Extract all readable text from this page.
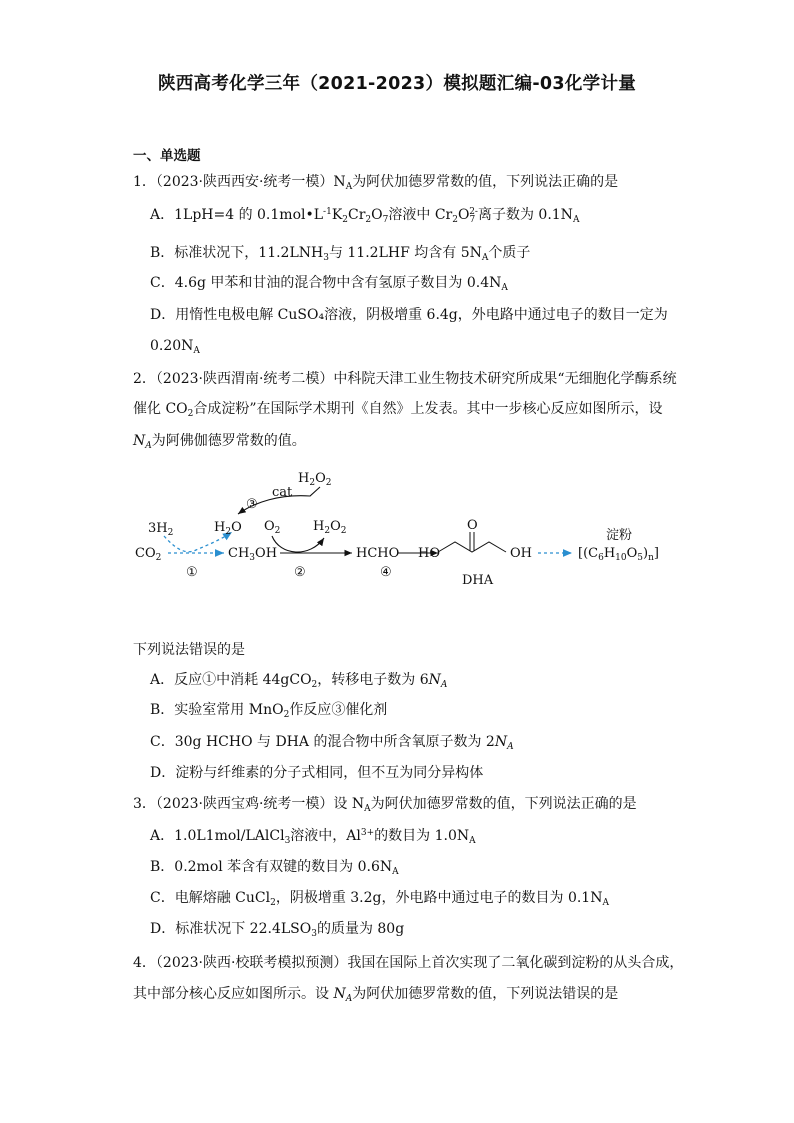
陕西高考化学三年（2021-2023）模拟题汇编-03化学计量
一、单选题
1．（2023·陕西西安·统考一模）$N_A$为阿伏加德罗常数的值，下列说法正确的是
A．1LpH=4 的 $0.1mol•L^{-1}K_2Cr_2O_7$溶液中 $Cr_2O_7^{2-}$离子数为 $0.1N_A$
B．标准状况下，$11.2LNH_3$与 11.2LHF 均含有 $5N_A$个质子
C．4.6g 甲苯和甘油的混合物中含有氢原子数目为 $0.4N_A$
D．用惰性电极电解 CuSO₄溶液，阴极增重 6.4g，外电路中通过电子的数目一定为
$0.20N_A$
2．（2023·陕西渭南·统考二模）中科院天津工业生物技术研究所成果“无细胞化学酶系统
催化 $CO_2$合成淀粉”在国际学术期刊《自然》上发表。其中一步核心反应如图所示，设
$N_A$为阿佛伽德罗常数的值。
$H_2O_2$
cat
③
$3H_2$	$H_2O$ $O_2$	$H_2O_2$
$CO_2$
①
$CH_3OH$
②
HCHO
④
HO
O
OH
DHA
淀粉
$[(C_6H_{10}O_5)_n]$
下列说法错误的是
A．反应①中消耗 44gCO$_2$，转移电子数为 $6N_A$
B．实验室常用 MnO$_2$作反应③催化剂
C．30g HCHO 与 DHA 的混合物中所含氧原子数为 $2N_A$
D．淀粉与纤维素的分子式相同，但不互为同分异构体
3．（2023·陕西宝鸡·统考一模）设 $N_A$为阿伏加德罗常数的值，下列说法正确的是
A．1.0L1mol/LAlCl$_3$溶液中，$Al^{3+}$的数目为 $1.0N_A$
B．0.2mol 苯含有双键的数目为 $0.6N_A$
C．电解熔融 CuCl$_2$，阴极增重 3.2g，外电路中通过电子的数目为 $0.1N_A$
D．标准状况下 $22.4LSO_3$的质量为 80g
4．（2023·陕西·校联考模拟预测）我国在国际上首次实现了二氧化碳到淀粉的从头合成，
其中部分核心反应如图所示。设 $N_A$为阿伏加德罗常数的值，下列说法错误的是
